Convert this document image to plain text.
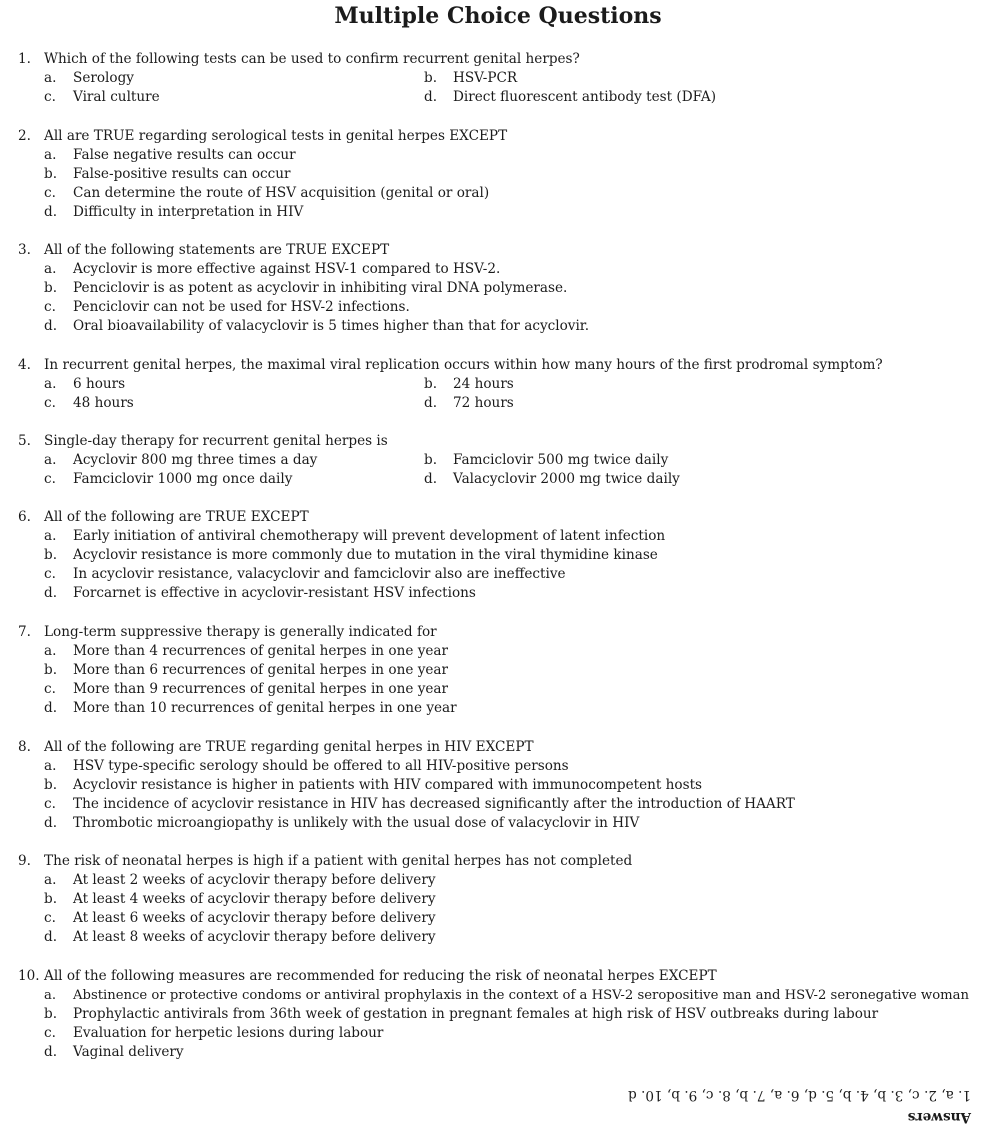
Multiple Choice Questions
1. Which of the following tests can be used to confirm recurrent genital herpes?
a. Serology	b. HSV-PCR
c. Viral culture	d. Direct fluorescent antibody test (DFA)
2. All are TRUE regarding serological tests in genital herpes EXCEPT
a. False negative results can occur
b. False-positive results can occur
c. Can determine the route of HSV acquisition (genital or oral)
d. Difficulty in interpretation in HIV
3. All of the following statements are TRUE EXCEPT
a. Acyclovir is more effective against HSV-1 compared to HSV-2.
b. Penciclovir is as potent as acyclovir in inhibiting viral DNA polymerase.
c. Penciclovir can not be used for HSV-2 infections.
d. Oral bioavailability of valacyclovir is 5 times higher than that for acyclovir.
4. In recurrent genital herpes, the maximal viral replication occurs within how many hours of the first prodromal symptom?
a. 6 hours	b. 24 hours
c. 48 hours	d. 72 hours
5. Single-day therapy for recurrent genital herpes is
a. Acyclovir 800 mg three times a day	b. Famciclovir 500 mg twice daily
c. Famciclovir 1000 mg once daily	d. Valacyclovir 2000 mg twice daily
6. All of the following are TRUE EXCEPT
a. Early initiation of antiviral chemotherapy will prevent development of latent infection
b. Acyclovir resistance is more commonly due to mutation in the viral thymidine kinase
c. In acyclovir resistance, valacyclovir and famciclovir also are ineffective
d. Forcarnet is effective in acyclovir-resistant HSV infections
7. Long-term suppressive therapy is generally indicated for
a. More than 4 recurrences of genital herpes in one year
b. More than 6 recurrences of genital herpes in one year
c. More than 9 recurrences of genital herpes in one year
d. More than 10 recurrences of genital herpes in one year
8. All of the following are TRUE regarding genital herpes in HIV EXCEPT
a. HSV type-specific serology should be offered to all HIV-positive persons
b. Acyclovir resistance is higher in patients with HIV compared with immunocompetent hosts
c. The incidence of acyclovir resistance in HIV has decreased significantly after the introduction of HAART
d. Thrombotic microangiopathy is unlikely with the usual dose of valacyclovir in HIV
9. The risk of neonatal herpes is high if a patient with genital herpes has not completed
a. At least 2 weeks of acyclovir therapy before delivery
b. At least 4 weeks of acyclovir therapy before delivery
c. At least 6 weeks of acyclovir therapy before delivery
d. At least 8 weeks of acyclovir therapy before delivery
10. All of the following measures are recommended for reducing the risk of neonatal herpes EXCEPT
a. Abstinence or protective condoms or antiviral prophylaxis in the context of a HSV-2 seropositive man and HSV-2 seronegative woman
b. Prophylactic antivirals from 36th week of gestation in pregnant females at high risk of HSV outbreaks during labour
c. Evaluation for herpetic lesions during labour
d. Vaginal delivery
Answers
1. a, 2. c, 3. b, 4. b, 5. d, 6. a, 7. b, 8. c, 9. b, 10. d
